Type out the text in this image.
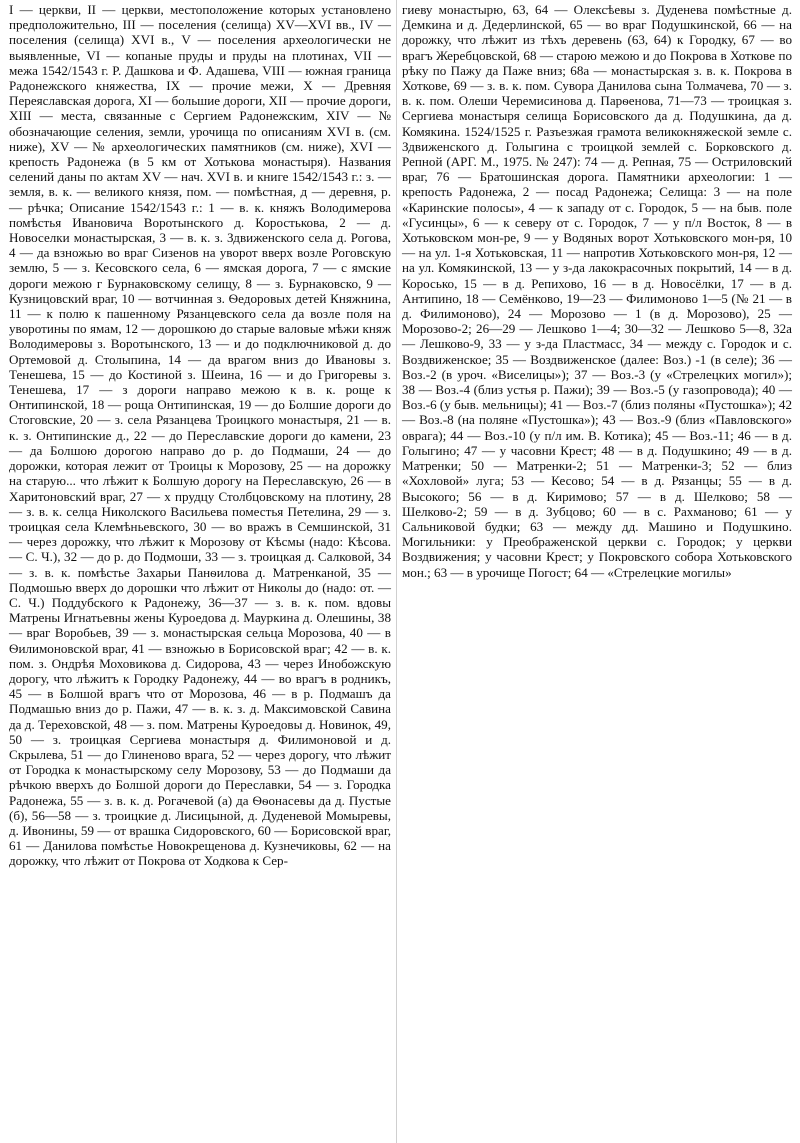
I — церкви, II — церкви, местоположение которых установлено предположительно, III — поселения (селища) XV—XVI вв., IV — поселения (селища) XVI в., V — поселения археологически не выявленные, VI — копаные пруды и пруды на плотинах, VII — межа 1542/1543 г. Р. Дашкова и Ф. Адашева, VIII — южная граница Радонежского княжества, IX — прочие межи, X — Древняя Переяславская дорога, XI — большие дороги, XII — прочие дороги, XIII — места, связанные с Сергием Радонежским, XIV — № обозначающие селения, земли, урочища по описаниям XVI в. (см. ниже), XV — № археологических памятников (см. ниже), XVI — крепость Радонежа (в 5 км от Хотькова монастыря). Названия селений даны по актам XV — нач. XVI в. и книге 1542/1543 г.: з. — земля, в. к. — великого князя, пом. — помѣстная, д — деревня, р. — рѣчка; Описание 1542/1543 г.: 1 — в. к. княжъ Володимерова помѣстья Ивановича Воротынского д. Коростькова, 2 — д. Новоселки монастырская, 3 — в. к. з. Здвиженского села д. Рогова, 4 — да взножью во враг Сизенов на уворот вверх возле Роговскую землю, 5 — з. Кесовского села, 6 — ямская дорога, 7 — с ямские дороги межою г Бурнаковскому селищу, 8 — з. Бурнаковско, 9 — Кузницовский враг, 10 — вотчинная з. Ѳедоровых детей Княжнина, 11 — к полю к пашенному Рязанцевского села да возле поля на уворотины по ямам, 12 — дорошкою до старые валовые мѣжи княж Володимеровы з. Воротынского, 13 — и до подключниковой д. до Ортемовой д. Столыпина, 14 — да врагом вниз до Ивановы з. Тенешева, 15 — до Костиной з. Шеина, 16 — и до Григоревы з. Тенешева, 17 — з дороги направо межою к в. к. роще к Онтипинской, 18 — роща Онтипинская, 19 — до Болшие дороги до Стоговские, 20 — з. села Рязанцева Троицкого монастыря, 21 — в. к. з. Онтипинские д., 22 — до Переславские дороги до камени, 23 — да Болшою дорогою направо до р. до Подмаши, 24 — до дорожки, которая лежит от Троицы к Морозову, 25 — на дорожку на старую... что лѣжит к Болшую дорогу на Переславскую, 26 — в Харитоновский враг, 27 — х прудцу Столбцовскому на плотину, 28 — з. в. к. селца Николского Васильева поместья Петелина, 29 — з. троицкая села Клемѣньевского, 30 — во вражъ в Семшинской, 31 — через дорожку, что лѣжит к Морозову от Кѣсмы (надо: Кѣсова. — С. Ч.), 32 — до р. до Подмоши, 33 — з. троицкая д. Салковой, 34 — з. в. к. помѣстье Захарьи Панѳилова д. Матренканой, 35 — Подмошью вверх до дорошки что лѣжит от Николы до (надо: от. — С. Ч.) Поддубского к Радонежу, 36—37 — з. в. к. пом. вдовы Матрены Игнатьевны жены Куроедова д. Мауркина д. Олешины, 38 — враг Воробьев, 39 — з. монастырская сельца Морозова, 40 — в Ѳилимоновской враг, 41 — взножью в Борисовской враг; 42 — в. к. пом. з. Ондрѣя Моховикова д. Сидорова, 43 — через Инобожскую дорогу, что лѣжитъ к Городку Радонежу, 44 — во врагъ в родникъ, 45 — в Болшой врагъ что от Морозова, 46 — в р. Подмашъ да Подмашью вниз до р. Пажи, 47 — в. к. з. д. Максимовской Савина да д. Тереховской, 48 — з. пом. Матрены Куроедовы д. Новинок, 49, 50 — з. троицкая Сергиева монастыря д. Филимоновой и д. Скрылева, 51 — до Глиненово врага, 52 — через дорогу, что лѣжит от Городка к монастырскому селу Морозову, 53 — до Подмаши да рѣчкою вверхъ до Болшой дороги до Переславки, 54 — з. Городка Радонежа, 55 — з. в. к. д. Рогачевой (а) да Ѳѳонасевы да д. Пустые (б), 56—58 — з. троицкие д. Лисицыной, д. Дуденевой Момыревы, д. Ивонины, 59 — от врашка Сидоровского, 60 — Борисовской враг, 61 — Данилова помѣстье Новокрещенова д. Кузнечиковы, 62 — на дорожку, что лѣжит от Покрова от Ходкова к Сер-

гиеву монастырю, 63, 64 — Олексѣевы з. Дуденева помѣстные д. Демкина и д. Дедерлинской, 65 — во враг Подушкинской, 66 — на дорожку, что лѣжит из тѣхъ деревень (63, 64) к Городку, 67 — во врагъ Жеребцовской, 68 — старою межою и до Покрова в Хоткове по рѣку по Пажу да Паже вниз; 68а — монастырская з. в. к. Покрова в Хоткове, 69 — з. в. к. пом. Сувора Данилова сына Толмачева, 70 — з. в. к. пом. Олеши Черемисинова д. Парѳенова, 71—73 — троицкая з. Сергиева монастыря селища Борисовского да д. Подушкина, да д. Комякина. 1524/1525 г. Разъезжая грамота великокняжеской земле с. Здвиженского д. Голыгина с троицкой землей с. Борковского д. Репной (АРГ. М., 1975. № 247): 74 — д. Репная, 75 — Остриловский враг, 76 — Братошинская дорога. Памятники археологии: 1 — крепость Радонежа, 2 — посад Радонежа; Селища: 3 — на поле «Каринские полосы», 4 — к западу от с. Городок, 5 — на быв. поле «Гусинцы», 6 — к северу от с. Городок, 7 — у п/л Восток, 8 — в Хотьковском мон-ре, 9 — у Водяных ворот Хотьковского мон-ря, 10 — на ул. 1-я Хотьковская, 11 — напротив Хотьковского мон-ря, 12 — на ул. Комякинской, 13 — у з-да лакокрасочных покрытий, 14 — в д. Коросько, 15 — в д. Репихово, 16 — в д. Новосёлки, 17 — в д. Антипино, 18 — Семёнково, 19—23 — Филимоново 1—5 (№ 21 — в д. Филимоново), 24 — Морозово — 1 (в д. Морозово), 25 — Морозово-2; 26—29 — Лешково 1—4; 30—32 — Лешково 5—8, 32а — Лешково-9, 33 — у з-да Пластмасс, 34 — между с. Городок и с. Воздвиженское; 35 — Воздвиженское (далее: Воз.) -1 (в селе); 36 — Воз.-2 (в уроч. «Виселицы»); 37 — Воз.-3 (у «Стрелецких могил»); 38 — Воз.-4 (близ устья р. Пажи); 39 — Воз.-5 (у газопровода); 40 — Воз.-6 (у быв. мельницы); 41 — Воз.-7 (близ поляны «Пустошка»); 42 — Воз.-8 (на поляне «Пустошка»); 43 — Воз.-9 (близ «Павловского» оврага); 44 — Воз.-10 (у п/л им. В. Котика); 45 — Воз.-11; 46 — в д. Голыгино; 47 — у часовни Крест; 48 — в д. Подушкино; 49 — в д. Матренки; 50 — Матренки-2; 51 — Матренки-3; 52 — близ «Хохловой» луга; 53 — Кесово; 54 — в д. Рязанцы; 55 — в д. Высокого; 56 — в д. Киримово; 57 — в д. Шелково; 58 — Шелково-2; 59 — в д. Зубцово; 60 — в с. Рахманово; 61 — у Сальниковой будки; 63 — между дд. Машино и Подушкино. Могильники: у Преображенской церкви с. Городок; у церкви Воздвижения; у часовни Крест; у Покровского собора Хотьковского мон.; 63 — в урочище Погост; 64 — «Стрелецкие могилы»
